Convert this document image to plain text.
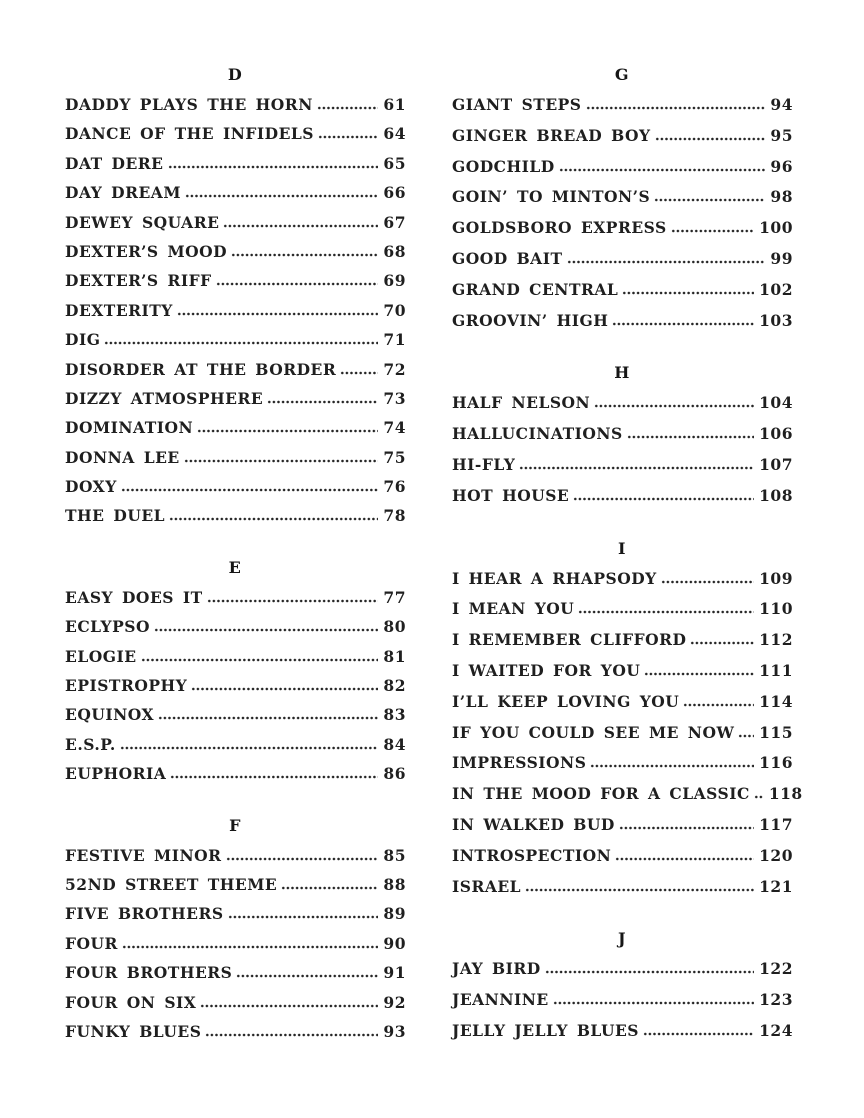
D
DADDY PLAYS THE HORN	61
DANCE OF THE INFIDELS	64
DAT DERE	65
DAY DREAM	66
DEWEY SQUARE	67
DEXTER’S MOOD	68
DEXTER’S RIFF	69
DEXTERITY	70
DIG	71
DISORDER AT THE BORDER	72
DIZZY ATMOSPHERE	73
DOMINATION	74
DONNA LEE	75
DOXY	76
THE DUEL	78
E
EASY DOES IT	77
ECLYPSO	80
ELOGIE	81
EPISTROPHY	82
EQUINOX	83
E.S.P.	84
EUPHORIA	86
F
FESTIVE MINOR	85
52ND STREET THEME	88
FIVE BROTHERS	89
FOUR	90
FOUR BROTHERS	91
FOUR ON SIX	92
FUNKY BLUES	93
G
GIANT STEPS	94
GINGER BREAD BOY	95
GODCHILD	96
GOIN’ TO MINTON’S	98
GOLDSBORO EXPRESS	100
GOOD BAIT	99
GRAND CENTRAL	102
GROOVIN’ HIGH	103
H
HALF NELSON	104
HALLUCINATIONS	106
HI-FLY	107
HOT HOUSE	108
I
I HEAR A RHAPSODY	109
I MEAN YOU	110
I REMEMBER CLIFFORD	112
I WAITED FOR YOU	111
I’LL KEEP LOVING YOU	114
IF YOU COULD SEE ME NOW 115
IMPRESSIONS	116
IN THE MOOD FOR A CLASSIC 118
IN WALKED BUD	117
INTROSPECTION	120
ISRAEL	121
J
JAY BIRD	122
JEANNINE	123
JELLY JELLY BLUES	124
